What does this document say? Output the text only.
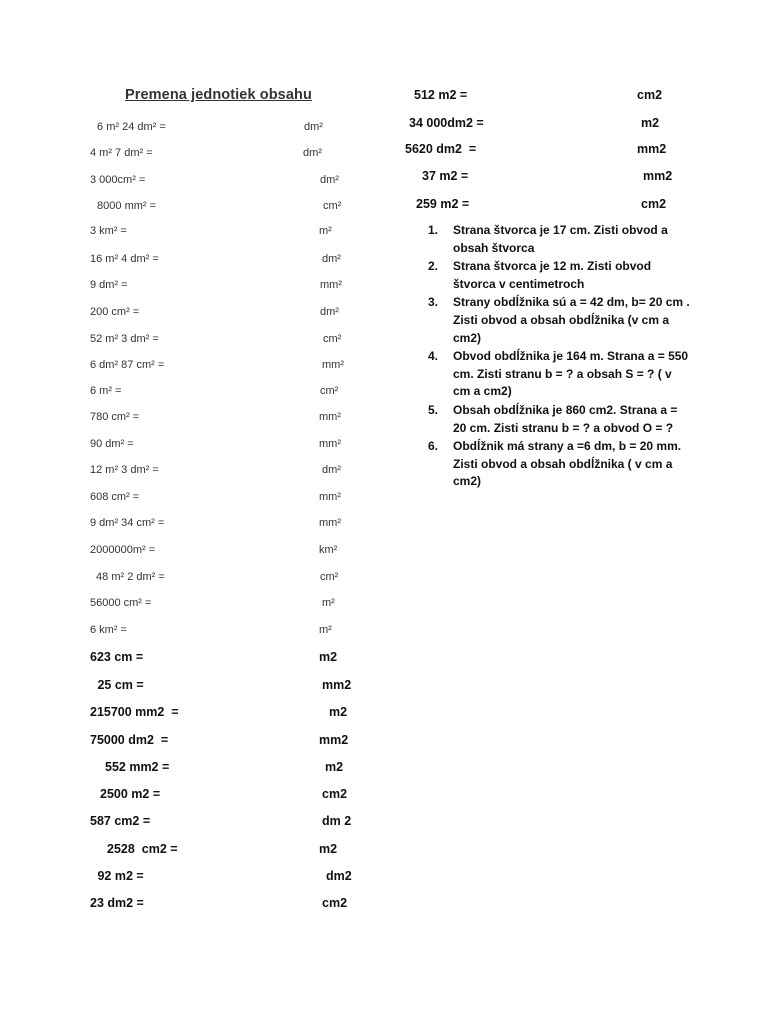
Premena jednotiek obsahu
6 m² 24 dm² =	dm²
4 m² 7 dm² =	dm²
3 000cm² =	dm²
8000 mm² =	cm²
3 km² =	m²
16 m² 4 dm² =	dm²
9 dm² =	mm²
200 cm² =	dm²
52 m² 3 dm² =	cm²
6 dm² 87 cm² =	mm²
6 m² =	cm²
780 cm² =	mm²
90 dm² =	mm²
12 m² 3 dm² =	dm²
608 cm² =	mm²
9 dm² 34 cm² =	mm²
2000000m² =	km²
48 m² 2 dm² =	cm²
56000 cm² =	m²
6 km² =	m²
623 cm =	m2
25 cm =	mm2
215700 mm2  =	m2
75000 dm2  =	mm2
552 mm2 =	m2
2500 m2 =	cm2
587 cm2 =	dm 2
2528  cm2 =	m2
92 m2 =	dm2
23 dm2 =	cm2
512 m2 =	cm2
34 000dm2 =	m2
5620 dm2  =	mm2
37 m2 =	mm2
259 m2 =	cm2
1. Strana štvorca je 17 cm. Zisti obvod a obsah štvorca
2. Strana štvorca je 12 m. Zisti obvod štvorca v centimetroch
3. Strany obdĺžnika sú a = 42 dm, b= 20 cm . Zisti obvod a obsah obdĺžnika (v cm a cm2)
4. Obvod obdĺžnika je 164 m. Strana a = 550 cm. Zisti stranu b = ? a obsah S = ? ( v cm a cm2)
5. Obsah obdĺžnika je 860 cm2. Strana a = 20 cm. Zisti stranu b = ? a obvod O = ?
6. Obdĺžnik má strany a =6 dm, b = 20 mm. Zisti obvod a obsah obdĺžnika ( v cm a cm2)
